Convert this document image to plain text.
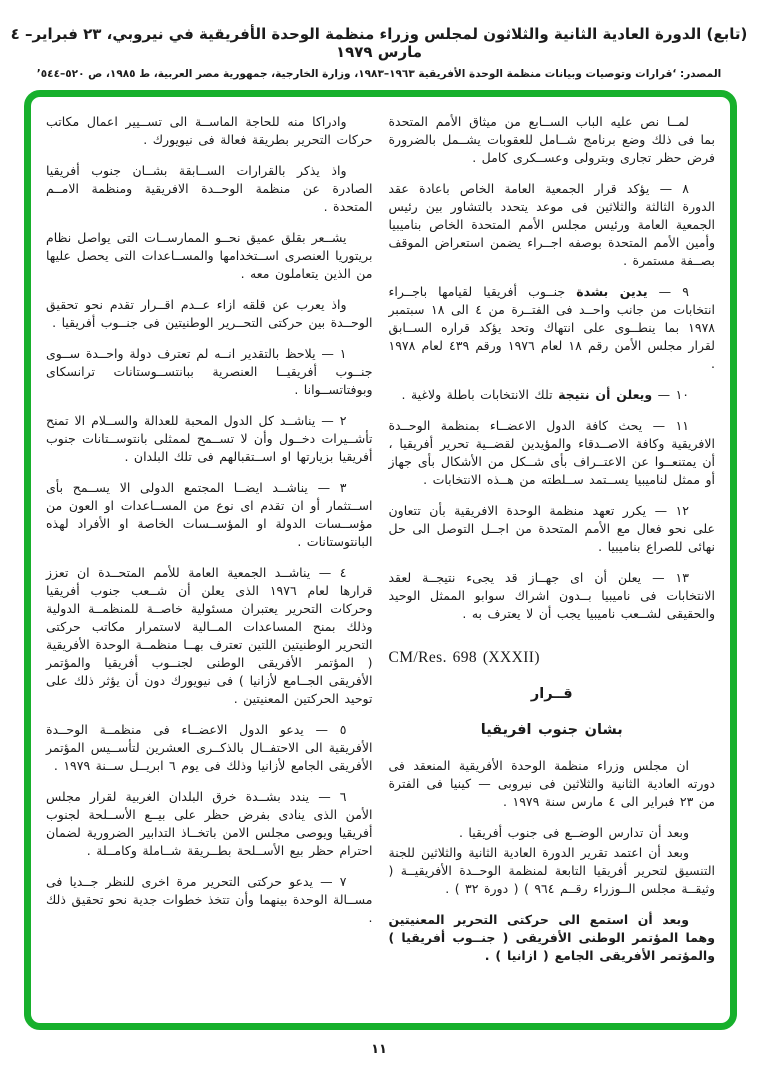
(تابع) الدورة العادية الثانية والثلاثون لمجلس وزراء منظمة الوحدة الأفريقية في نيروبي، ٢٣ فبراير– ٤ مارس ١٩٧٩
المصدر: ‘قرارات وتوصيات وبيانات منظمة الوحدة الأفريقية ١٩٦٣–١٩٨٣، وزارة الخارجية، جمهورية مصر العربية، ط ١٩٨٥، ص ٥٢٠–٥٤٤’

لمــا نص عليه الباب الســابع من ميثاق الأمم المتحدة بما فى ذلك وضع برنامج شــامل للعقوبات يشــمل بالضرورة فرض حظر تجارى وبترولى وعســكرى كامل .

٨ — يؤكد قرار الجمعية العامة الخاص باعادة عقد الدورة الثالثة والثلاثين فى موعد يتحدد بالتشاور بين رئيس الجمعية العامة ورئيس مجلس الأمم المتحدة الخاص بناميبيا وأمين الأمم المتحدة بوصفه اجــراء يضمن استعراض الموقف بصــفة مستمرة .

٩ — يدين بشدة جنــوب أفريقيا لقيامها باجــراء انتخابات من جانب واحــد فى الفتــرة من ٤ الى ١٨ سبتمبر ١٩٧٨ بما ينطــوى على انتهاك وتحد يؤكد قراره الســابق لقرار مجلس الأمن رقم ١٨ لعام ١٩٧٦ ورقم ٤٣٩ لعام ١٩٧٨ .

١٠ — ويعلن أن نتيجة تلك الانتخابات باطلة ولاغية .

١١ — يحث كافة الدول الاعضــاء بمنظمة الوحــدة الافريقية وكافة الاصــدقاء والمؤيدين لقضــية تحرير أفريقيا ، أن يمتنعــوا عن الاعتــراف بأى شــكل من الأشكال بأى جهاز أو ممثل لناميبيا يســتمد ســلطته من هــذه الانتخابات .

١٢ — يكرر تعهد منظمة الوحدة الافريقية بأن تتعاون على نحو فعال مع الأمم المتحدة من اجــل التوصل الى حل نهائى للصراع بناميبيا .

١٣ — يعلن أن اى جهــاز قد يجىء نتيجــة لعقد الانتخابات فى ناميبيا بــدون اشراك سوابو الممثل الوحيد والحقيقى لشــعب ناميبيا يجب أن لا يعترف به .

CM/Res. 698 (XXXII)

قــرار

بشان جنوب افريقيا

ان مجلس وزراء منظمة الوحدة الأفريقية المنعقد فى دورته العادية الثانية والثلاثين فى نيروبى — كينيا فى الفترة من ٢٣ فبراير الى ٤ مارس سنة ١٩٧٩ .

وبعد أن تدارس الوضــع فى جنوب أفريقيا .

وبعد أن اعتمد تقرير الدورة العادية الثانية والثلاثين للجنة التنسيق لتحرير أفريقيا التابعة لمنظمة الوحــدة الأفريقيــة ( وثيقــة مجلس الــوزراء رقــم ٩٦٤ ) ( دورة ٣٢ ) .

وبعد أن استمع الى حركتى التحرير المعنيتين وهما المؤتمر الوطنى الأفريقى ( جنــوب أفريقيا ) والمؤتمر الأفريقى الجامع ( ازانيا ) .

وادراكا منه للحاجة الماســة الى تســيير اعمال مكاتب حركات التحرير بطريقة فعالة فى نيويورك .

واذ يذكر بالقرارات الســابقة بشــان جنوب أفريقيا الصادرة عن منظمة الوحــدة الافريقية ومنظمة الامــم المتحدة .

يشــعر بقلق عميق نحــو الممارســات التى يواصل نظام بريتوريا العنصرى اســتخدامها والمســاعدات التى يحصل عليها من الذين يتعاملون معه .

واذ يعرب عن قلقه ازاء عــدم اقــرار تقدم نحو تحقيق الوحــدة بين حركتى التحــرير الوطنيتين فى جنــوب أفريقيا .

١ — يلاحظ بالتقدير انــه لم تعترف دولة واحــدة ســوى جنــوب أفريقيــا العنصرية ببانتســوستانات ترانسكاى وبوفتاتســوانا .

٢ — يناشــد كل الدول المحبة للعدالة والســلام الا تمنح تأشــيرات دخــول وأن لا تســمح لممثلى بانتوســتانات جنوب أفريقيا بزيارتها او اســتقبالهم فى تلك البلدان .

٣ — يناشــد ايضــا المجتمع الدولى الا يســمح بأى اســتثمار أو ان تقدم اى نوع من المســاعدات او العون من مؤســسات الدولة او المؤســسات الخاصة او الأفراد لهذه البانتوستانات .

٤ — يناشــد الجمعية العامة للأمم المتحــدة ان تعزز قرارها لعام ١٩٧٦ الذى يعلن أن شــعب جنوب أفريقيا وحركات التحرير يعتبران مسئولية خاصــة للمنظمــة الدولية وذلك بمنح المساعدات المــالية لاستمرار مكاتب حركتى التحرير الوطنيتين اللتين تعترف بهــا منظمــة الوحدة الأفريقية ( المؤتمر الأفريقى الوطنى لجنــوب أفريقيا والمؤتمر الأفريقى الجــامع لأزانيا ) فى نيويورك دون أن يؤثر ذلك على توحيد الحركتين المعنيتين .

٥ — يدعو الدول الاعضــاء فى منظمــة الوحــدة الأفريقية الى الاحتفــال بالذكــرى العشرين لتأســيس المؤتمر الأفريقى الجامع لأزانيا وذلك فى يوم ٦ ابريــل ســنة ١٩٧٩ .

٦ — يندد بشــدة خرق البلدان الغربية لقرار مجلس الأمن الذى ينادى بفرض حظر على بيــع الأســلحة لجنوب أفريقيا ويوصى مجلس الامن باتخــاذ التدابير الضرورية لضمان احترام حظر بيع الأســلحة بطــريقة شــاملة وكامــلة .

٧ — يدعو حركتى التحرير مرة اخرى للنظر جــديا فى مســالة الوحدة بينهما وأن تتخذ خطوات جدية نحو تحقيق ذلك .

١١
